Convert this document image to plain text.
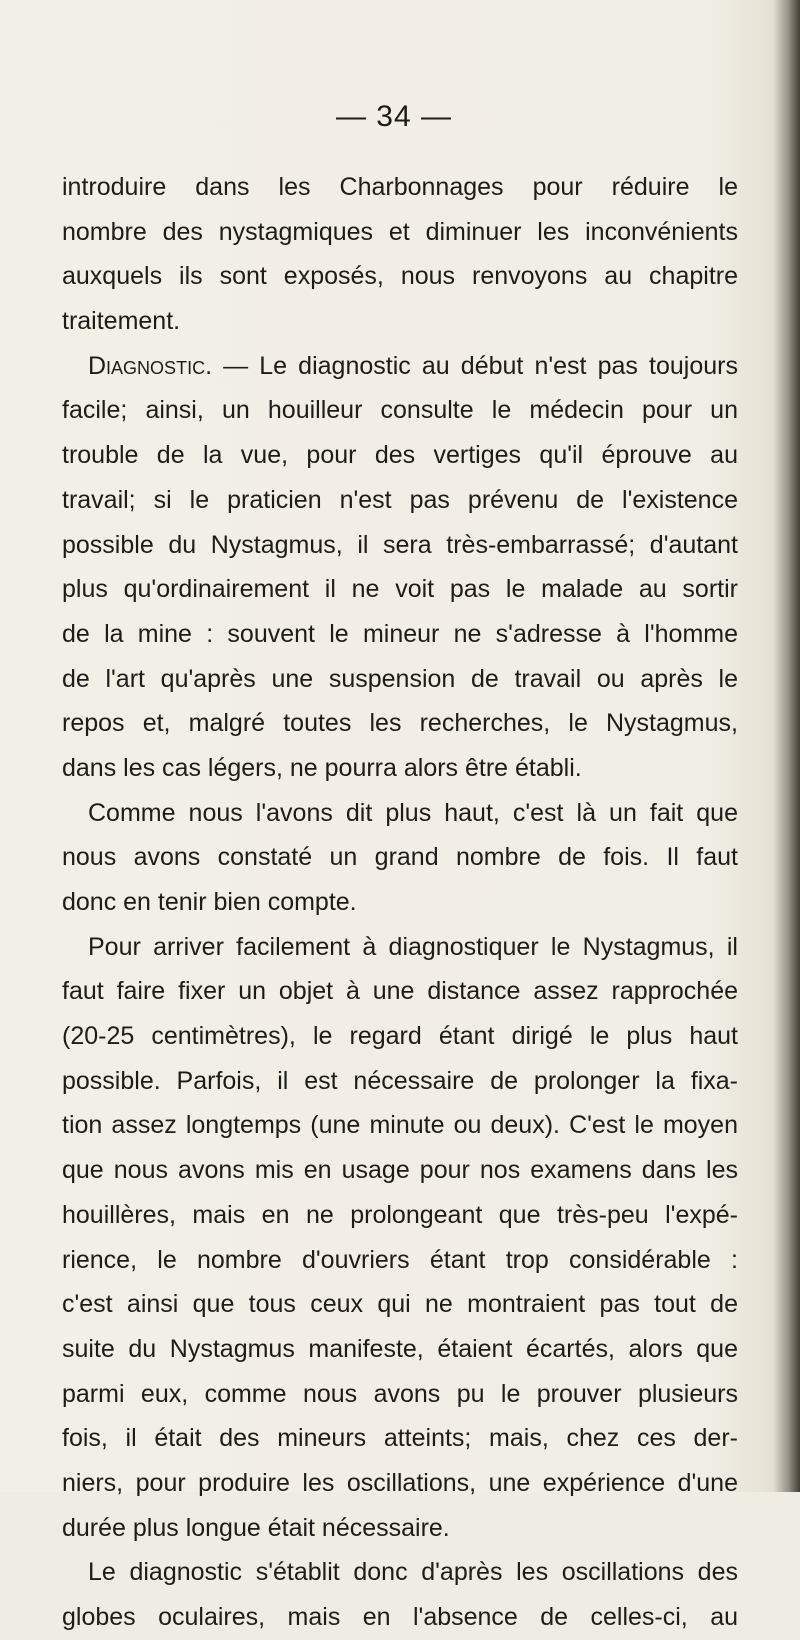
— 34 —
introduire dans les Charbonnages pour réduire le
nombre des nystagmiques et diminuer les inconvénients
auxquels ils sont exposés, nous renvoyons au chapitre
traitement.
Diagnostic. — Le diagnostic au début n'est pas toujours
facile; ainsi, un houilleur consulte le médecin pour un
trouble de la vue, pour des vertiges qu'il éprouve au
travail; si le praticien n'est pas prévenu de l'existence
possible du Nystagmus, il sera très-embarrassé; d'autant
plus qu'ordinairement il ne voit pas le malade au sortir
de la mine : souvent le mineur ne s'adresse à l'homme
de l'art qu'après une suspension de travail ou après le
repos et, malgré toutes les recherches, le Nystagmus,
dans les cas légers, ne pourra alors être établi.
Comme nous l'avons dit plus haut, c'est là un fait que
nous avons constaté un grand nombre de fois. Il faut
donc en tenir bien compte.
Pour arriver facilement à diagnostiquer le Nystagmus, il
faut faire fixer un objet à une distance assez rapprochée
(20-25 centimètres), le regard étant dirigé le plus haut
possible. Parfois, il est nécessaire de prolonger la fixa-
tion assez longtemps (une minute ou deux). C'est le moyen
que nous avons mis en usage pour nos examens dans les
houillères, mais en ne prolongeant que très-peu l'expé-
rience, le nombre d'ouvriers étant trop considérable :
c'est ainsi que tous ceux qui ne montraient pas tout de
suite du Nystagmus manifeste, étaient écartés, alors que
parmi eux, comme nous avons pu le prouver plusieurs
fois, il était des mineurs atteints; mais, chez ces der-
niers, pour produire les oscillations, une expérience d'une
durée plus longue était nécessaire.
Le diagnostic s'établit donc d'après les oscillations des
globes oculaires, mais en l'absence de celles-ci, au
